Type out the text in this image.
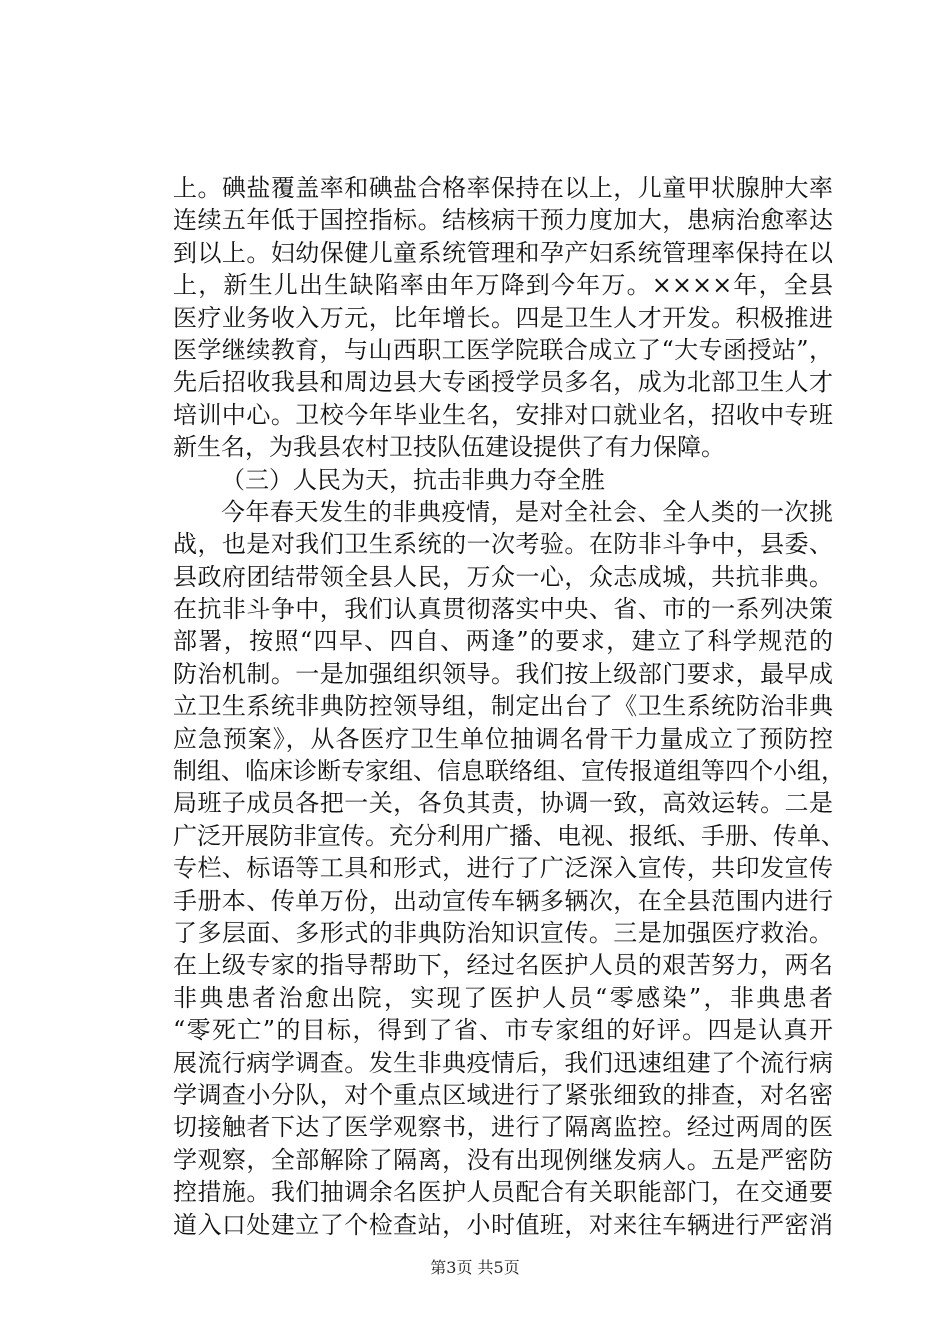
上。碘盐覆盖率和碘盐合格率保持在以上，儿童甲状腺肿大率
连续五年低于国控指标。结核病干预力度加大，患病治愈率达
到以上。妇幼保健儿童系统管理和孕产妇系统管理率保持在以
上，新生儿出生缺陷率由年万降到今年万。××××年，全县
医疗业务收入万元，比年增长。四是卫生人才开发。积极推进
医学继续教育，与山西职工医学院联合成立了“大专函授站”，
先后招收我县和周边县大专函授学员多名，成为北部卫生人才
培训中心。卫校今年毕业生名，安排对口就业名，招收中专班
新生名，为我县农村卫技队伍建设提供了有力保障。
（三）人民为天，抗击非典力夺全胜
今年春天发生的非典疫情，是对全社会、全人类的一次挑
战，也是对我们卫生系统的一次考验。在防非斗争中，县委、
县政府团结带领全县人民，万众一心，众志成城，共抗非典。
在抗非斗争中，我们认真贯彻落实中央、省、市的一系列决策
部署，按照“四早、四自、两逢”的要求，建立了科学规范的
防治机制。一是加强组织领导。我们按上级部门要求，最早成
立卫生系统非典防控领导组，制定出台了《卫生系统防治非典
应急预案》，从各医疗卫生单位抽调名骨干力量成立了预防控
制组、临床诊断专家组、信息联络组、宣传报道组等四个小组，
局班子成员各把一关，各负其责，协调一致，高效运转。二是
广泛开展防非宣传。充分利用广播、电视、报纸、手册、传单、
专栏、标语等工具和形式，进行了广泛深入宣传，共印发宣传
手册本、传单万份，出动宣传车辆多辆次，在全县范围内进行
了多层面、多形式的非典防治知识宣传。三是加强医疗救治。
在上级专家的指导帮助下，经过名医护人员的艰苦努力，两名
非典患者治愈出院，实现了医护人员“零感染”，非典患者
“零死亡”的目标，得到了省、市专家组的好评。四是认真开
展流行病学调查。发生非典疫情后，我们迅速组建了个流行病
学调查小分队，对个重点区域进行了紧张细致的排查，对名密
切接触者下达了医学观察书，进行了隔离监控。经过两周的医
学观察，全部解除了隔离，没有出现例继发病人。五是严密防
控措施。我们抽调余名医护人员配合有关职能部门，在交通要
道入口处建立了个检查站，小时值班，对来往车辆进行严密消
第3页 共5页
